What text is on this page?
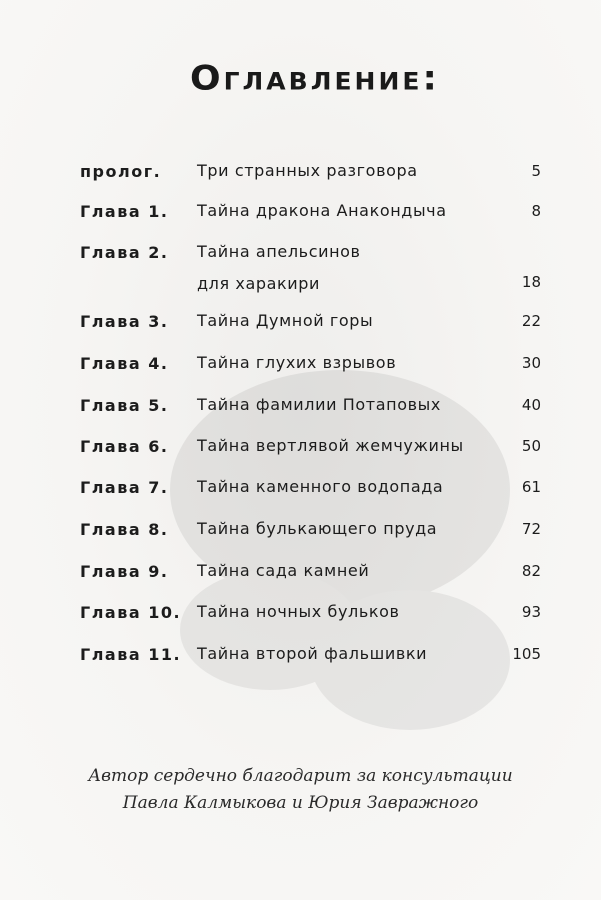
Оглавление:
пролог. Три странных разговора	5
Глава 1. Тайна дракона Анакондыча	8
Глава 2. Тайна апельсинов
для харакири	18
Глава 3. Тайна Думной горы	22
Глава 4. Тайна глухих взрывов	30
Глава 5. Тайна фамилии Потаповых	40
Глава 6. Тайна вертлявой жемчужины	50
Глава 7. Тайна каменного водопада	61
Глава 8. Тайна булькающего пруда	72
Глава 9. Тайна сада камней	82
Глава 10. Тайна ночных бульков	93
Глава 11. Тайна второй фальшивки	105
Автор сердечно благодарит за консультации
Павла Калмыкова и Юрия Завражного
